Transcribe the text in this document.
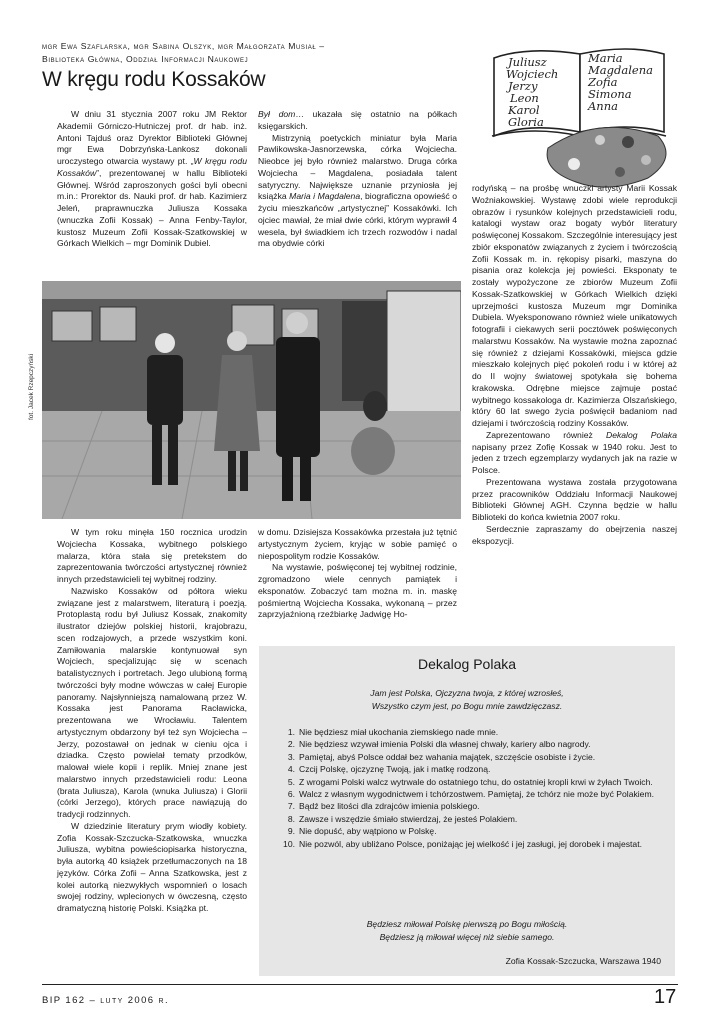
mgr Ewa Szaflarska, mgr Sabina Olszyk, mgr Małgorzata Musiał –
Biblioteka Główna, Oddział Informacji Naukowej
W kręgu rodu Kossaków
Juliusz
Wojciech
Jerzy
Leon
Karol
Gloria
Maria
Magdalena
Zofia
Simona
Anna

W dniu 31 stycznia 2007 roku JM Rektor Akademii Górniczo-Hutniczej prof. dr hab. inż. Antoni Tajduś oraz Dyrektor Biblioteki Głównej mgr Ewa Dobrzyńska-Lankosz dokonali uroczystego otwarcia wystawy pt. „W kręgu rodu Kossaków”, prezentowanej w hallu Biblioteki Głównej. Wśród zaproszonych gości byli obecni m.in.: Prorektor ds. Nauki prof. dr hab. Kazimierz Jeleń, praprawnuczka Juliusza Kossaka (wnuczka Zofii Kossak) – Anna Fenby-Taylor, kustosz Muzeum Zofii Kossak-Szatkowskiej w Górkach Wielkich – mgr Dominik Dubiel.

Był dom… ukazała się ostatnio na półkach księgarskich.

Mistrzynią poetyckich miniatur była Maria Pawlikowska-Jasnorzewska, córka Wojciecha. Nieobce jej było również malarstwo. Druga córka Wojciecha – Magdalena, posiadała talent satyryczny. Największe uznanie przyniosła jej książka Maria i Magdalena, biograficzna opowieść o życiu mieszkańców „artystycznej” Kossakówki. Ich ojciec mawiał, że miał dwie córki, którym wyprawił 4 wesela, był świadkiem ich trzech rozwodów i nadal ma obydwie córki

rodyńską – na prośbę wnuczki artysty Marii Kossak Woźniakowskiej. Wystawę zdobi wiele reprodukcji obrazów i rysunków kolejnych przedstawicieli rodu, katalogi wystaw oraz bogaty wybór literatury poświęconej Kossakom. Szczególnie interesujący jest zbiór eksponatów związanych z życiem i twórczością Zofii Kossak m. in. rękopisy pisarki, maszyna do pisania oraz kolekcja jej powieści. Eksponaty te zostały wypożyczone ze zbiorów Muzeum Zofii Kossak-Szatkowskiej w Górkach Wielkich dzięki uprzejmości kustosza Muzeum mgr Dominika Dubiela. Wyeksponowano również wiele unikatowych fotografii i ciekawych serii pocztówek poświęconych malarstwu Kossaków. Na wystawie można zapoznać się również z dziejami Kossakówki, miejsca gdzie mieszkało kolejnych pięć pokoleń rodu i w której aż do II wojny światowej spotykała się bohema krakowska. Odrębne miejsce zajmuje postać wybitnego kossakologa dr. Kazimierza Olszańskiego, który 60 lat swego życia poświęcił badaniom nad dziejami i twórczością rodziny Kossaków.

Zaprezentowano również Dekalog Polaka napisany przez Zofię Kossak w 1940 roku. Jest to jeden z trzech egzemplarzy wydanych jak na razie w Polsce.

Prezentowana wystawa została przygotowana przez pracowników Oddziału Informacji Naukowej Biblioteki Głównej AGH. Czynna będzie w hallu Biblioteki do końca kwietnia 2007 roku.

Serdecznie zapraszamy do obejrzenia naszej ekspozycji.

fot. Jacek Rzepczyński

W tym roku minęła 150 rocznica urodzin Wojciecha Kossaka, wybitnego polskiego malarza, która stała się pretekstem do zaprezentowania twórczości artystycznej również innych przedstawicieli tej wybitnej rodziny.

Nazwisko Kossaków od półtora wieku związane jest z malarstwem, literaturą i poezją. Protoplastą rodu był Juliusz Kossak, znakomity ilustrator dziejów polskiej historii, krajobrazu, scen rodzajowych, a przede wszystkim koni. Zamiłowania malarskie kontynuował syn Wojciech, specjalizując się w scenach batalistycznych i portretach. Jego ulubioną formą twórczości były modne wówczas w całej Europie panoramy. Najsłynniejszą namalowaną przez W. Kossaka jest Panorama Racławicka, prezentowana we Wrocławiu. Talentem artystycznym obdarzony był też syn Wojciecha – Jerzy, pozostawał on jednak w cieniu ojca i dziadka. Często powielał tematy przodków, malował wiele kopii i replik. Mniej znane jest malarstwo innych przedstawicieli rodu: Leona (brata Juliusza), Karola (wnuka Juliusza) i Glorii (córki Jerzego), których prace nawiązują do tradycji rodzinnych.

W dziedzinie literatury prym wiodły kobiety. Zofia Kossak-Szczucka-Szatkowska, wnuczka Juliusza, wybitna powieściopisarka historyczna, była autorką 40 książek przetłumaczonych na 18 języków. Córka Zofii – Anna Szatkowska, jest z kolei autorką niezwykłych wspomnień o losach swojej rodziny, wplecionych w ówczesną, często dramatyczną historię Polski. Książka pt.

w domu. Dzisiejsza Kossakówka przestała już tętnić artystycznym życiem, kryjąc w sobie pamięć o niepospolitym rodzie Kossaków.

Na wystawie, poświęconej tej wybitnej rodzinie, zgromadzono wiele cennych pamiątek i eksponatów. Zobaczyć tam można m. in. maskę pośmiertną Wojciecha Kossaka, wykonaną – przez zaprzyjaźnioną rzeźbiarkę Jadwigę Ho-

Dekalog Polaka
Jam jest Polska, Ojczyzna twoja, z której wzrosłeś,
Wszystko czym jest, po Bogu mnie zawdzięczasz.
1. Nie będziesz miał ukochania ziemskiego nade mnie.
2. Nie będziesz wzywał imienia Polski dla własnej chwały, kariery albo nagrody.
3. Pamiętaj, abyś Polsce oddał bez wahania majątek, szczęście osobiste i życie.
4. Czcij Polskę, ojczyznę Twoją, jak i matkę rodzoną.
5. Z wrogami Polski walcz wytrwale do ostatniego tchu, do ostatniej kropli krwi w żyłach Twoich.
6. Walcz z własnym wygodnictwem i tchórzostwem. Pamiętaj, że tchórz nie może być Polakiem.
7. Bądź bez litości dla zdrajców imienia polskiego.
8. Zawsze i wszędzie śmiało stwierdzaj, że jesteś Polakiem.
9. Nie dopuść, aby wątpiono w Polskę.
10. Nie pozwól, aby ubliżano Polsce, poniżając jej wielkość i jej zasługi, jej dorobek i majestat.
Będziesz miłował Polskę pierwszą po Bogu miłością.
Będziesz ją miłował więcej niż siebie samego.
Zofia Kossak-Szczucka, Warszawa 1940
BIP 162 – luty 2006 r.	17
